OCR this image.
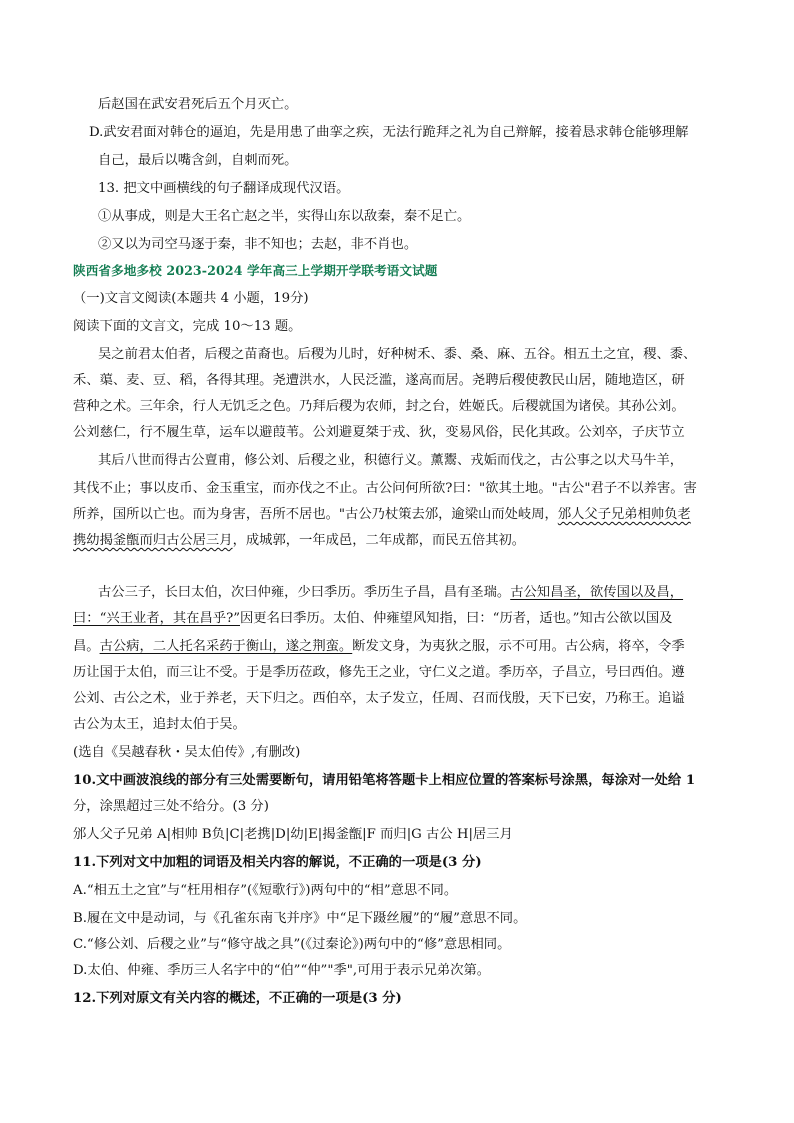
后赵国在武安君死后五个月灭亡。
D.武安君面对韩仓的逼迫，先是用患了曲挛之疾，无法行跪拜之礼为自己辩解，接着恳求韩仓能够理解
自己，最后以嘴含剑，自刺而死。
13. 把文中画横线的句子翻译成现代汉语。
①从事成，则是大王名亡赵之半，实得山东以敌秦，秦不足亡。
②又以为司空马逐于秦，非不知也；去赵，非不肖也。
陕西省多地多校 2023-2024 学年高三上学期开学联考语文试题
（一)文言文阅读(本题共 4 小题，19分)
阅读下面的文言文，完成 10～13 题。
吴之前君太伯者，后稷之苗裔也。后稷为儿时，好种树禾、黍、桑、麻、五谷。相五土之宜，稷、黍、
禾、蕖、麦、豆、稻，各得其理。尧遭洪水，人民泛滥，遂高而居。尧聘后稷使教民山居，随地造区，研
营种之术。三年余，行人无饥乏之色。乃拜后稷为农师，封之台，姓姬氏。后稷就国为诸侯。其孙公刘。
公刘慈仁，行不履生草，运车以避葭苇。公刘避夏桀于戎、狄，变易风俗，民化其政。公刘卒，子庆节立
其后八世而得古公亶甫，修公刘、后稷之业，积德行义。薰鬻、戎姤而伐之，古公事之以犬马牛羊，
其伐不止；事以皮币、金玉重宝，而亦伐之不止。古公问何所欲?曰："欲其土地。"古公"君子不以养害。害
所养，国所以亡也。而为身害，吾所不居也。"古公乃杖策去邠，逾梁山而处岐周，邠人父子兄弟相帅负老
携幼揭釜甑而归古公居三月，成城郭，一年成邑，二年成都，而民五倍其初。
古公三子，长曰太伯，次曰仲雍，少曰季历。季历生子昌，昌有圣瑞。古公知昌圣，欲传国以及昌，
曰：“兴王业者，其在昌乎?”因更名曰季历。太伯、仲雍望风知指，曰：“历者，适也。”知古公欲以国及
昌。古公病，二人托名采药于衡山，遂之荆蛮。断发文身，为夷狄之服，示不可用。古公病，将卒，令季
历让国于太伯，而三让不受。于是季历莅政，修先王之业，守仁义之道。季历卒，子昌立，号曰西伯。遵
公刘、古公之术，业于养老，天下归之。西伯卒，太子发立，任周、召而伐殷，天下已安，乃称王。追谥
古公为太王，追封太伯于吴。
(选自《吴越春秋・吴太伯传》,有删改)
10.文中画波浪线的部分有三处需要断句，请用铅笔将答题卡上相应位置的答案标号涂黑，每涂对一处给 1
分，涂黑超过三处不给分。(3 分)
邠人父子兄弟 A|相帅 B负|C|老携|D|幼|E|揭釜甑|F 而归|G 古公 H|居三月
11.下列对文中加粗的词语及相关内容的解说，不正确的一项是(3 分)
A.“相五土之宜”与“枉用相存”(《短歌行》)两句中的“相”意思不同。
B.履在文中是动词，与《孔雀东南飞并序》中“足下蹑丝履”的“履”意思不同。
C.“修公刘、后稷之业”与“修守战之具”(《过秦论》)两句中的“修”意思相同。
D.太伯、仲雍、季历三人名字中的“伯”“仲”"季",可用于表示兄弟次第。
12.下列对原文有关内容的概述，不正确的一项是(3 分)
